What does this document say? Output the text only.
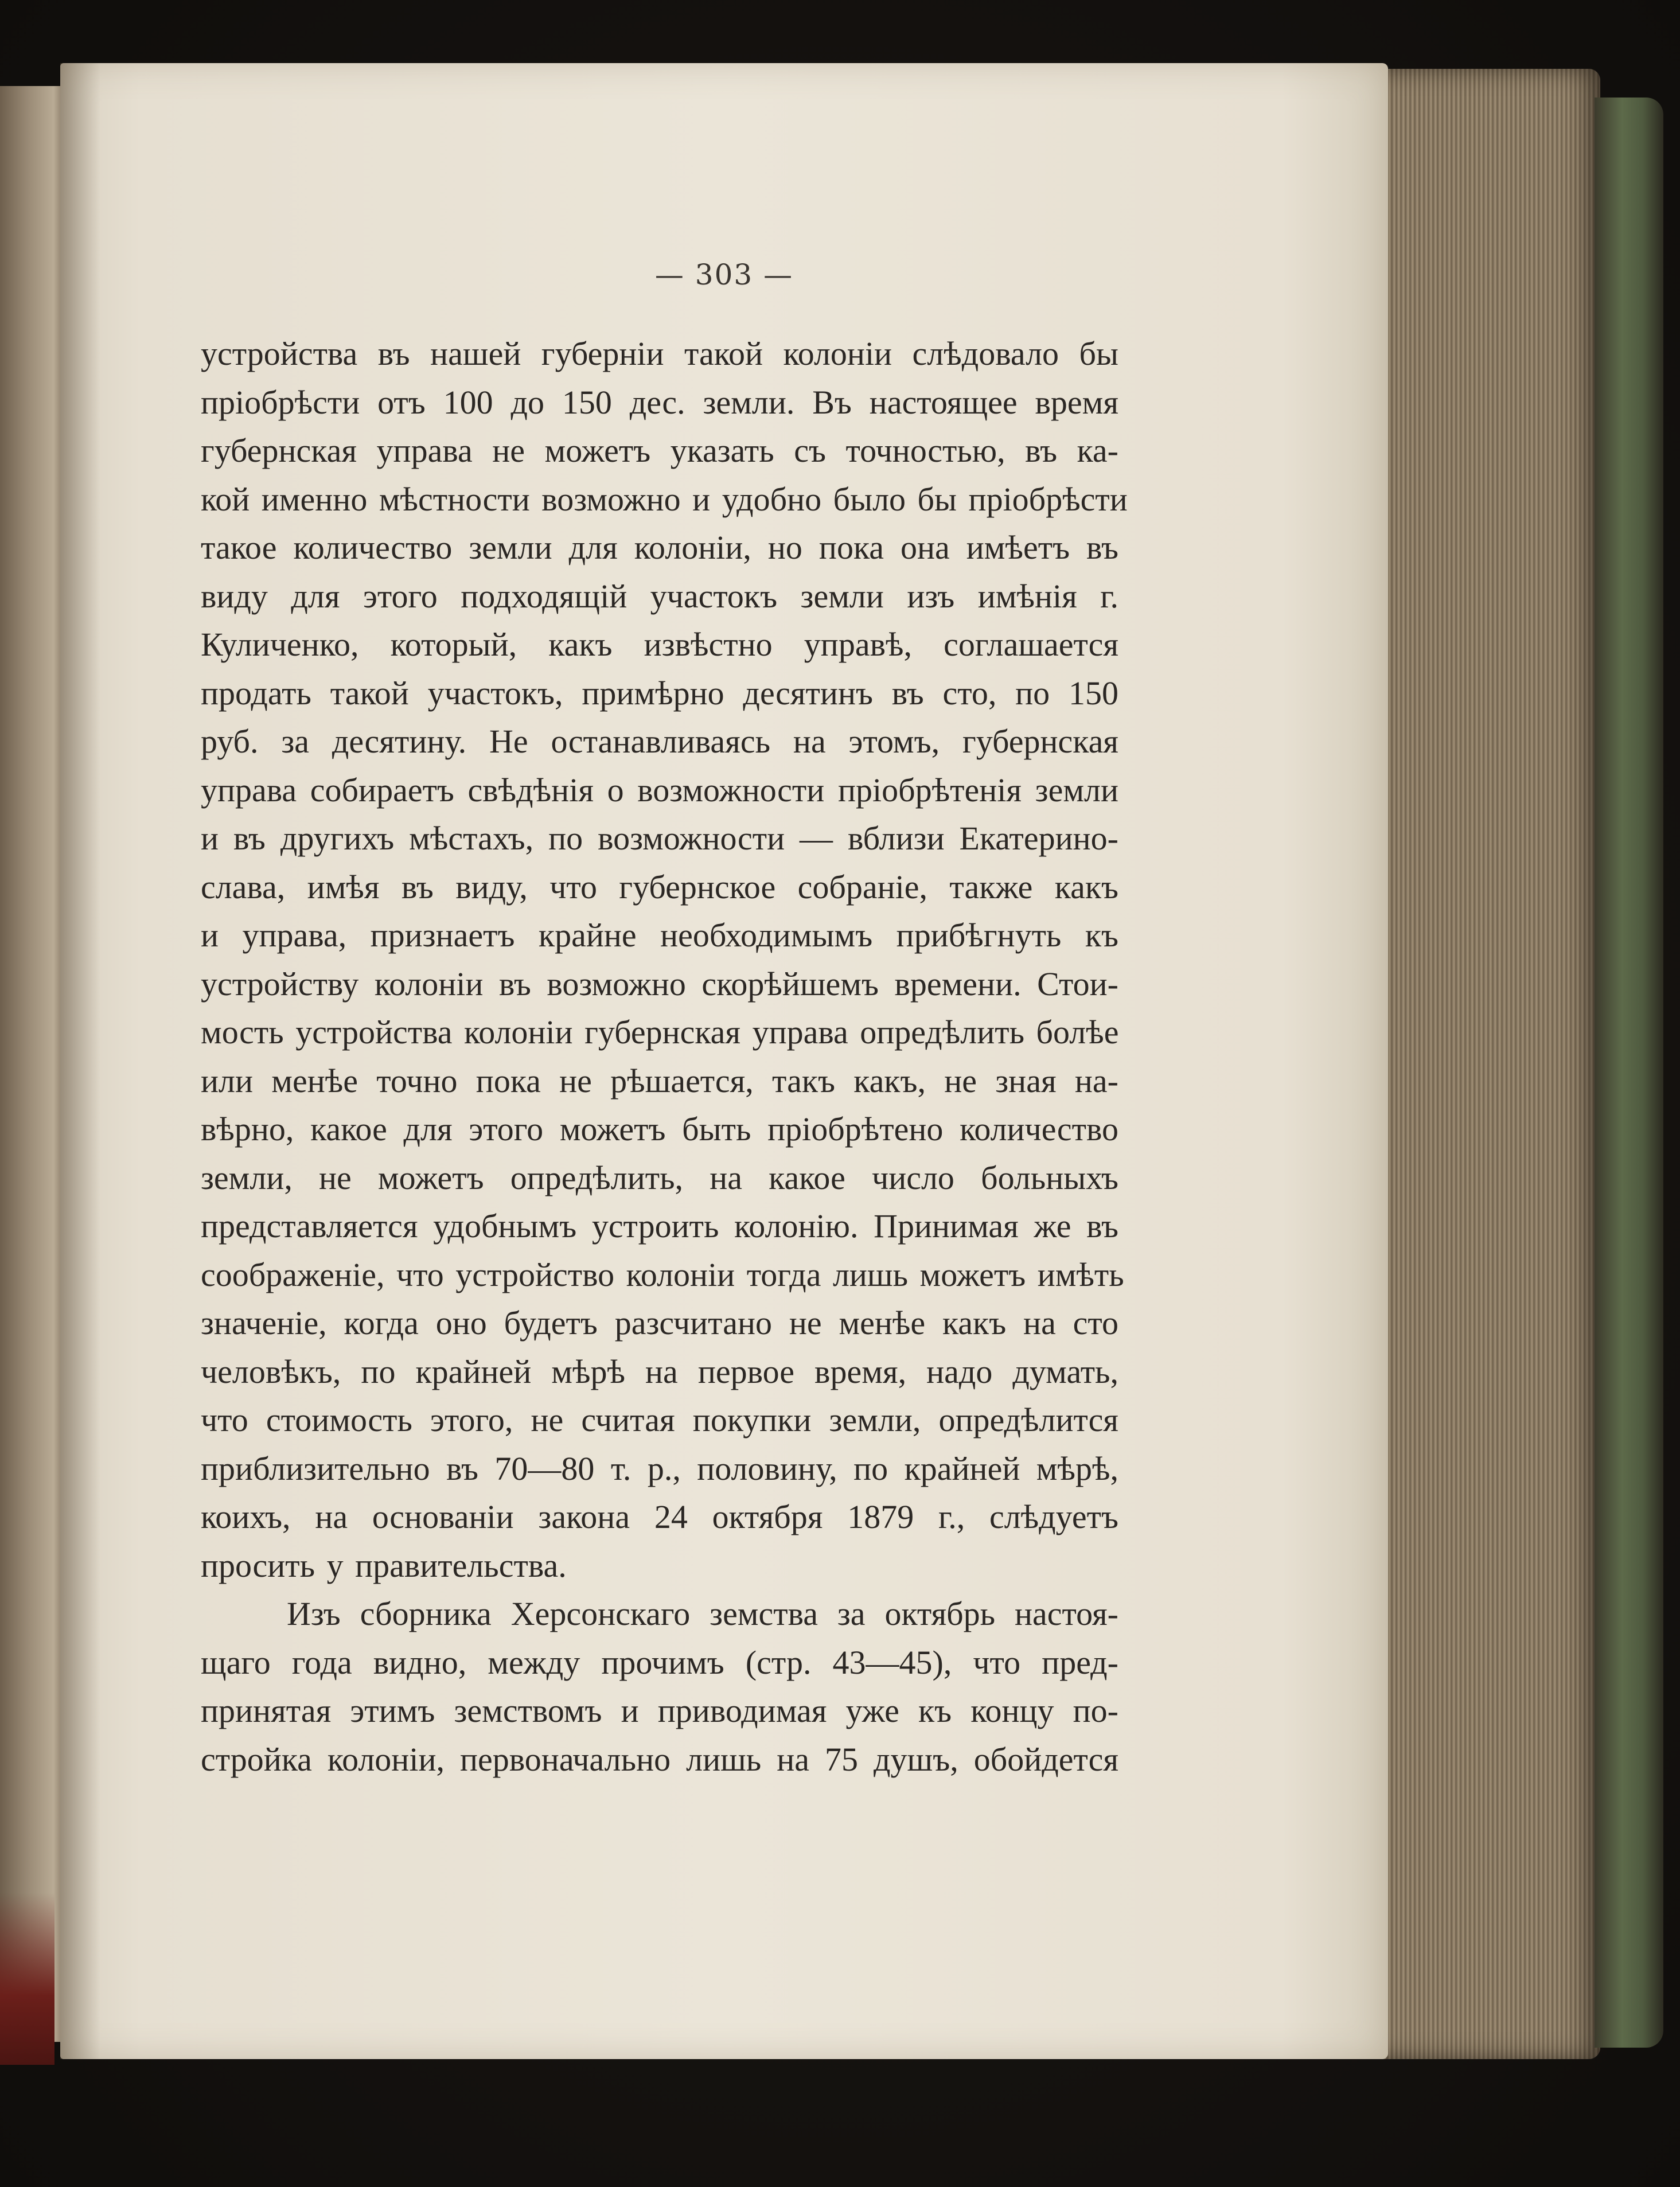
— 303 —
устройства въ нашей губерніи такой колоніи слѣдовало бы
пріобрѣсти отъ 100 до 150 дес. земли. Въ настоящее время
губернская управа не можетъ указать съ точностью, въ ка-
кой именно мѣстности возможно и удобно было бы пріобрѣсти
такое количество земли для колоніи, но пока она имѣетъ въ
виду для этого подходящій участокъ земли изъ имѣнія г.
Куличенко, который, какъ извѣстно управѣ, соглашается
продать такой участокъ, примѣрно десятинъ въ сто, по 150
руб. за десятину. Не останавливаясь на этомъ, губернская
управа собираетъ свѣдѣнія о возможности пріобрѣтенія земли
и въ другихъ мѣстахъ, по возможности — вблизи Екатерино-
слава, имѣя въ виду, что губернское собраніе, также какъ
и управа, признаетъ крайне необходимымъ прибѣгнуть къ
устройству колоніи въ возможно скорѣйшемъ времени. Стои-
мость устройства колоніи губернская управа опредѣлить болѣе
или менѣе точно пока не рѣшается, такъ какъ, не зная на-
вѣрно, какое для этого можетъ быть пріобрѣтено количество
земли, не можетъ опредѣлить, на какое число больныхъ
представляется удобнымъ устроить колонію. Принимая же въ
соображеніе, что устройство колоніи тогда лишь можетъ имѣть
значеніе, когда оно будетъ разсчитано не менѣе какъ на сто
человѣкъ, по крайней мѣрѣ на первое время, надо думать,
что стоимость этого, не считая покупки земли, опредѣлится
приблизительно въ 70—80 т. р., половину, по крайней мѣрѣ,
коихъ, на основаніи закона 24 октября 1879 г., слѣдуетъ
просить у правительства.
Изъ сборника Херсонскаго земства за октябрь настоя-
щаго года видно, между прочимъ (стр. 43—45), что пред-
принятая этимъ земствомъ и приводимая уже къ концу по-
стройка колоніи, первоначально лишь на 75 душъ, обойдется
